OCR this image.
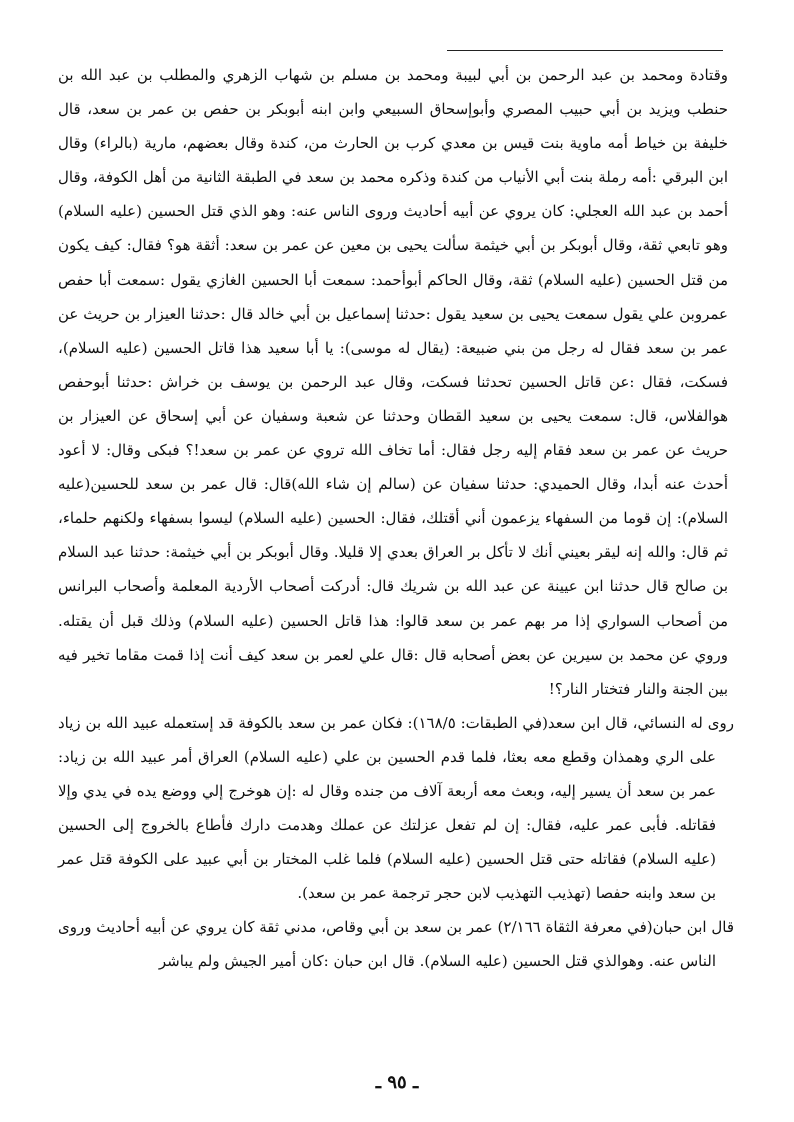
وقتادة ومحمد بن عبد الرحمن بن أبي لبيبة ومحمد بن مسلم بن شهاب الزهري والمطلب بن عبد الله بن حنطب ويزيد بن أبي حبيب المصري وأبوإسحاق السبيعي وابن ابنه أبوبكر بن حفص بن عمر بن سعد، قال خليفة بن خياط أمه ماوية بنت قيس بن معدي كرب بن الحارث من، كندة وقال بعضهم، مارية (بالراء) وقال ابن البرقي :أمه رملة بنت أبي الأنياب من كندة وذكره محمد بن سعد في الطبقة الثانية من أهل الكوفة، وقال أحمد بن عبد الله العجلي: كان يروي عن أبيه أحاديث وروى الناس عنه: وهو الذي قتل الحسين (عليه السلام) وهو تابعي ثقة، وقال أبوبكر بن أبي خيثمة سألت يحيى بن معين عن عمر بن سعد: أثقة هو؟ فقال: كيف يكون من قتل الحسين (عليه السلام) ثقة، وقال الحاكم أبوأحمد: سمعت أبا الحسين الغازي يقول :سمعت أبا حفص عمروبن علي يقول سمعت يحيى بن سعيد يقول :حدثنا إسماعيل بن أبي خالد قال :حدثنا العيزار بن حريث عن عمر بن سعد فقال له رجل من بني ضبيعة: (يقال له موسى): يا أبا سعيد هذا قاتل الحسين (عليه السلام)، فسكت، فقال :عن قاتل الحسين تحدثنا فسكت، وقال عبد الرحمن بن يوسف بن خراش :حدثنا أبوحفص هوالفلاس، قال: سمعت يحيى بن سعيد القطان وحدثنا عن شعبة وسفيان عن أبي إسحاق عن العيزار بن حريث عن عمر بن سعد فقام إليه رجل فقال: أما تخاف الله تروي عن عمر بن سعد!؟ فبكى وقال: لا أعود أحدث عنه أبدا، وقال الحميدي: حدثنا سفيان عن (سالم إن شاء الله)قال: قال عمر بن سعد للحسين(عليه السلام): إن قوما من السفهاء يزعمون أني أقتلك، فقال: الحسين (عليه السلام) ليسوا بسفهاء ولكنهم حلماء، ثم قال: والله إنه ليقر بعيني أنك لا تأكل بر العراق بعدي إلا قليلا. وقال أبوبكر بن أبي خيثمة: حدثنا عبد السلام بن صالح قال حدثنا ابن عيينة عن عبد الله بن شريك قال: أدركت أصحاب الأردية المعلمة وأصحاب البرانس من أصحاب السواري إذا مر بهم عمر بن سعد قالوا: هذا قاتل الحسين (عليه السلام) وذلك قبل أن يقتله. وروي عن محمد بن سيرين عن بعض أصحابه قال :قال علي لعمر بن سعد كيف أنت إذا قمت مقاما تخير فيه بين الجنة والنار فتختار النار؟!

روى له النسائي، قال ابن سعد(في الطبقات: ١٦٨/٥): فكان عمر بن سعد بالكوفة قد إستعمله عبيد الله بن زياد على الري وهمذان وقطع معه بعثا، فلما قدم الحسين بن علي (عليه السلام) العراق أمر عبيد الله بن زياد: عمر بن سعد أن يسير إليه، وبعث معه أربعة آلاف من جنده وقال له :إن هوخرج إلي ووضع يده في يدي وإلا فقاتله. فأبى عمر عليه، فقال: إن لم تفعل عزلتك عن عملك وهدمت دارك فأطاع بالخروج إلى الحسين (عليه السلام) فقاتله حتى قتل الحسين (عليه السلام) فلما غلب المختار بن أبي عبيد على الكوفة قتل عمر بن سعد وابنه حفصا (تهذيب التهذيب لابن حجر ترجمة عمر بن سعد).

قال ابن حبان(في معرفة الثقاة ٢/١٦٦) عمر بن سعد بن أبي وقاص، مدني ثقة كان يروي عن أبيه أحاديث وروى الناس عنه. وهوالذي قتل الحسين (عليه السلام). قال ابن حبان :كان أمير الجيش ولم يباشر

ـ ٩٥ ـ
